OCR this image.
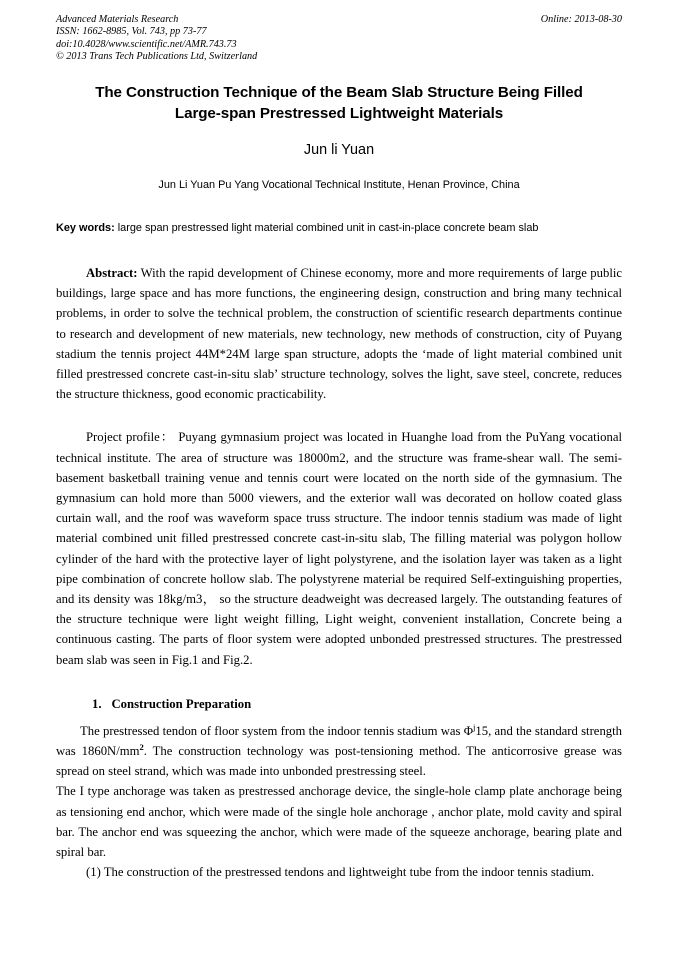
Advanced Materials Research
ISSN: 1662-8985, Vol. 743, pp 73-77
doi:10.4028/www.scientific.net/AMR.743.73
© 2013 Trans Tech Publications Ltd, Switzerland
Online: 2013-08-30
The Construction Technique of the Beam Slab Structure Being Filled
Large-span Prestressed Lightweight Materials
Jun li Yuan
Jun Li Yuan Pu Yang Vocational Technical Institute, Henan Province, China
Key words: large span prestressed light material combined unit in cast-in-place concrete beam slab

Abstract: With the rapid development of Chinese economy, more and more requirements of large public buildings, large space and has more functions, the engineering design, construction and bring many technical problems, in order to solve the technical problem, the construction of scientific research departments continue to research and development of new materials, new technology, new methods of construction, city of Puyang stadium the tennis project 44M*24M large span structure, adopts the ‘made of light material combined unit filled prestressed concrete cast-in-situ slab’ structure technology, solves the light, save steel, concrete, reduces the structure thickness, good economic practicability.

Project profile： Puyang gymnasium project was located in Huanghe load from the PuYang vocational technical institute. The area of structure was 18000m2, and the structure was frame-shear wall. The semi-basement basketball training venue and tennis court were located on the north side of the gymnasium. The gymnasium can hold more than 5000 viewers, and the exterior wall was decorated on hollow coated glass curtain wall, and the roof was waveform space truss structure. The indoor tennis stadium was made of light material combined unit filled prestressed concrete cast-in-situ slab, The filling material was polygon hollow cylinder of the hard with the protective layer of light polystyrene, and the isolation layer was taken as a light pipe combination of concrete hollow slab. The polystyrene material be required Self-extinguishing properties, and its density was 18kg/m3， so the structure deadweight was decreased largely. The outstanding features of the structure technique were light weight filling, Light weight, convenient installation, Concrete being a continuous casting. The parts of floor system were adopted unbonded prestressed structures. The prestressed beam slab was seen in Fig.1 and Fig.2.

1. Construction Preparation

The prestressed tendon of floor system from the indoor tennis stadium was $\Phi^j15$, and the standard strength was $1860N/mm^2$. The construction technology was post-tensioning method. The anticorrosive grease was spread on steel strand, which was made into unbonded prestressing steel.

The I type anchorage was taken as prestressed anchorage device, the single-hole clamp plate anchorage being as tensioning end anchor, which were made of the single hole anchorage , anchor plate, mold cavity and spiral bar. The anchor end was squeezing the anchor, which were made of the squeeze anchorage, bearing plate and spiral bar.

(1) The construction of the prestressed tendons and lightweight tube from the indoor tennis stadium.
